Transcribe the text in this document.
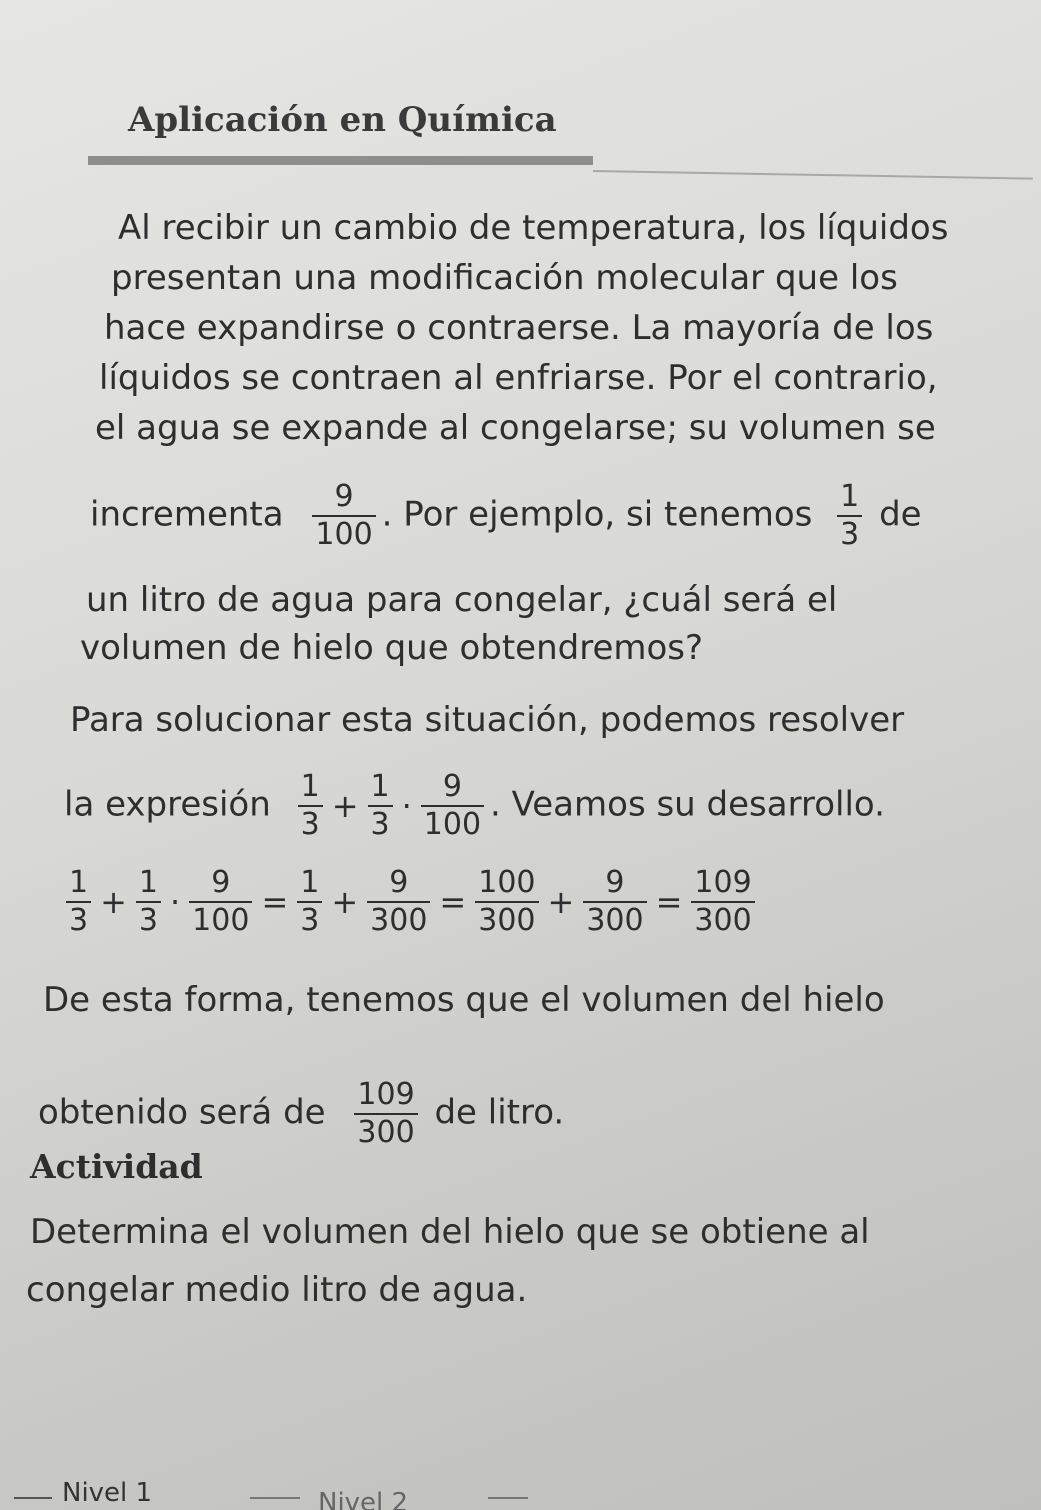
Aplicación en Química
Al recibir un cambio de temperatura, los líquidos
presentan una modificación molecular que los
hace expandirse o contraerse. La mayoría de los
líquidos se contraen al enfriarse. Por el contrario,
el agua se expande al congelarse; su volumen se
incrementa $\frac{9}{100}$ . Por ejemplo, si tenemos $\frac{1}{3}$ de
un litro de agua para congelar, ¿cuál será el
volumen de hielo que obtendremos?
Para solucionar esta situación, podemos resolver
la expresión $\frac{1}{3} + \frac{1}{3} \cdot \frac{9}{100}$ . Veamos su desarrollo.
$\frac{1}{3} + \frac{1}{3} \cdot \frac{9}{100} = \frac{1}{3} + \frac{9}{300} = \frac{100}{300} + \frac{9}{300} = \frac{109}{300}$
De esta forma, tenemos que el volumen del hielo
obtenido será de $\frac{109}{300}$ de litro.
Actividad
Determina el volumen del hielo que se obtiene al
congelar medio litro de agua.
Nivel 1	Nivel 2
